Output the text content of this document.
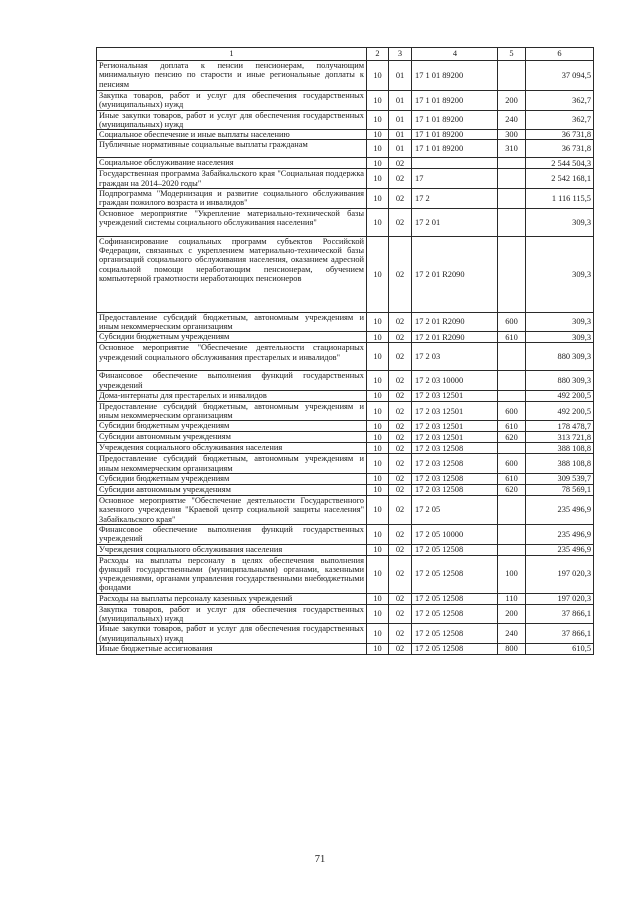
1	2	3	4	5	6
Региональная доплата к пенсии пенсионерам, получающим минимальную пенсию по старости и иные региональные доплаты к пенсиям	10	01	17 1 01 89200		37 094,5
Закупка товаров, работ и услуг для обеспечения государственных (муниципальных) нужд	10	01	17 1 01 89200	200	362,7
Иные закупки товаров, работ и услуг для обеспечения государственных (муниципальных) нужд	10	01	17 1 01 89200	240	362,7
Социальное обеспечение и иные выплаты населению	10	01	17 1 01 89200	300	36 731,8
Публичные нормативные социальные выплаты гражданам	10	01	17 1 01 89200	310	36 731,8
Социальное обслуживание населения	10	02			2 544 504,3
Государственная программа Забайкальского края "Социальная поддержка граждан на 2014–2020 годы"	10	02	17		2 542 168,1
Подпрограмма "Модернизация и развитие социального обслуживания граждан пожилого возраста и инвалидов"	10	02	17 2		1 116 115,5
Основное мероприятие "Укрепление материально-технической базы учреждений системы социального обслуживания населения"	10	02	17 2 01		309,3
Софинансирование социальных программ субъектов Российской Федерации, связанных с укреплением материально-технической базы организаций социального обслуживания населения, оказанием адресной социальной помощи неработающим пенсионерам, обучением компьютерной грамотности неработающих пенсионеров	10	02	17 2 01 R2090		309,3
Предоставление субсидий бюджетным, автономным учреждениям и иным некоммерческим организациям	10	02	17 2 01 R2090	600	309,3
Субсидии бюджетным учреждениям	10	02	17 2 01 R2090	610	309,3
Основное мероприятие "Обеспечение деятельности стационарных учреждений социального обслуживания престарелых и инвалидов"	10	02	17 2 03		880 309,3
Финансовое обеспечение выполнения функций государственных учреждений	10	02	17 2 03 10000		880 309,3
Дома-интернаты для престарелых и инвалидов	10	02	17 2 03 12501		492 200,5
Предоставление субсидий бюджетным, автономным учреждениям и иным некоммерческим организациям	10	02	17 2 03 12501	600	492 200,5
Субсидии бюджетным учреждениям	10	02	17 2 03 12501	610	178 478,7
Субсидии автономным учреждениям	10	02	17 2 03 12501	620	313 721,8
Учреждения социального обслуживания населения	10	02	17 2 03 12508		388 108,8
Предоставление субсидий бюджетным, автономным учреждениям и иным некоммерческим организациям	10	02	17 2 03 12508	600	388 108,8
Субсидии бюджетным учреждениям	10	02	17 2 03 12508	610	309 539,7
Субсидии автономным учреждениям	10	02	17 2 03 12508	620	78 569,1
Основное мероприятие "Обеспечение деятельности Государственного казенного учреждения "Краевой центр социальной защиты населения" Забайкальского края"	10	02	17 2 05		235 496,9
Финансовое обеспечение выполнения функций государственных учреждений	10	02	17 2 05 10000		235 496,9
Учреждения социального обслуживания населения	10	02	17 2 05 12508		235 496,9
Расходы на выплаты персоналу в целях обеспечения выполнения функций государственными (муниципальными) органами, казенными учреждениями, органами управления государственными внебюджетными фондами	10	02	17 2 05 12508	100	197 020,3
Расходы на выплаты персоналу казенных учреждений	10	02	17 2 05 12508	110	197 020,3
Закупка товаров, работ и услуг для обеспечения государственных (муниципальных) нужд	10	02	17 2 05 12508	200	37 866,1
Иные закупки товаров, работ и услуг для обеспечения государственных (муниципальных) нужд	10	02	17 2 05 12508	240	37 866,1
Иные бюджетные ассигнования	10	02	17 2 05 12508	800	610,5
71
